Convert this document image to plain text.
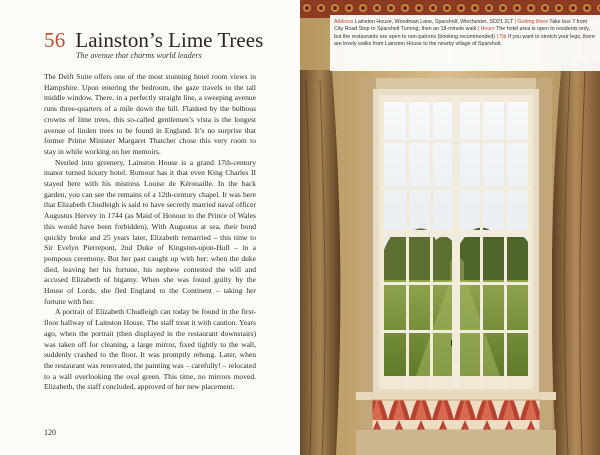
56 Lainston’s Lime Trees
The avenue that charms world leaders

The Delft Suite offers one of the most stunning hotel room views in Hampshire. Upon entering the bedroom, the gaze travels to the tall middle window. There, in a perfectly straight line, a sweeping avenue runs three-quarters of a mile down the hill. Flanked by the bulbous crowns of lime trees, this so-called gentlemen’s vista is the longest avenue of linden trees to be found in England. It’s no surprise that former Prime Minister Margaret Thatcher chose this very room to stay in while working on her memoirs.

Nestled into greenery, Lainston House is a grand 17th-century manor turned luxury hotel. Rumour has it that even King Charles II stayed here with his mistress Louise de Kérouaille. In the back garden, you can see the remains of a 12th-century chapel. It was here that Elizabeth Chudleigh is said to have secretly married naval officer Augustus Hervey in 1744 (as Maid of Honour to the Prince of Wales this would have been forbidden). With Augustus at sea, their bond quickly broke and 25 years later, Elizabeth remarried – this time to Sir Evelyn Pierrepont, 2nd Duke of Kingston-upon-Hull – in a pompous ceremony. But her past caught up with her: when the duke died, leaving her his fortune, his nephew contested the will and accused Elizabeth of bigamy. When she was found guilty by the House of Lords, she fled England to the Continent – taking her fortune with her.

A portrait of Elizabeth Chudleigh can today be found in the first-floor hallway of Lainston House. The staff treat it with caution. Years ago, when the portrait (then displayed in the restaurant downstairs) was taken off for cleaning, a large mirror, fixed tightly to the wall, suddenly crashed to the floor. It was promptly rehung. Later, when the restaurant was renovated, the painting was – carefully! – relocated to a wall overlooking the oval green. This time, no mirrors moved. Elizabeth, the staff concluded, approved of her new placement.

120
Address Lainston House, Woodman Lane, Sparsholt, Winchester, SO21 2LT | Getting there Take bus 7 from City Road Stop to Sparsholt Turning, then an 18-minute walk | Hours The hotel area is open to residents only, but the restaurants are open to non-patrons (booking recommended) | Tip If you want to stretch your legs, there are lovely walks from Lainston House to the nearby village of Sparsholt.
